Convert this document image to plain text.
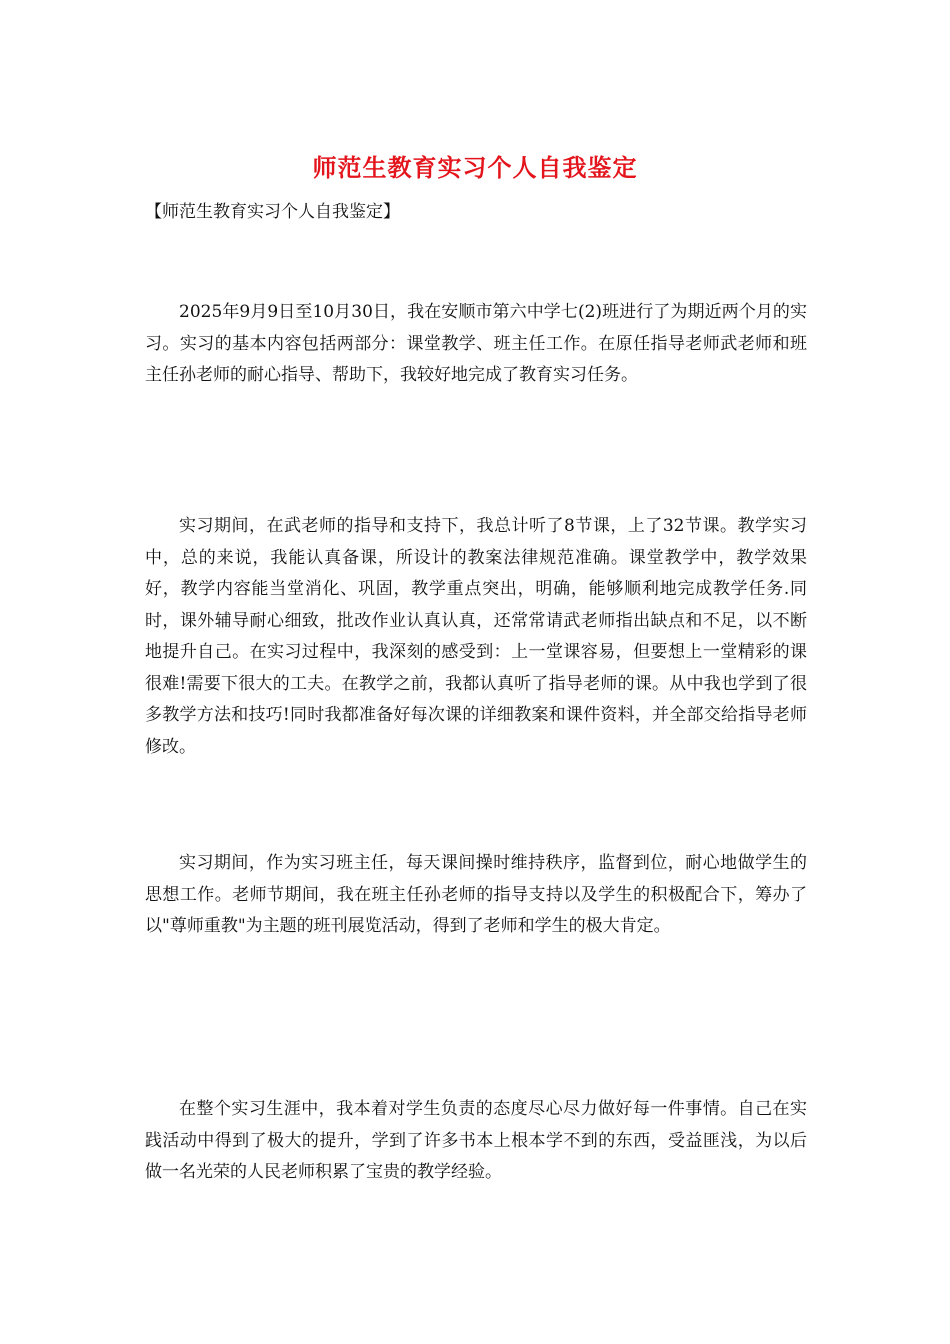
师范生教育实习个人自我鉴定
【师范生教育实习个人自我鉴定】

2025年9月9日至10月30日，我在安顺市第六中学七(2)班进行了为期近两个月的实习。实习的基本内容包括两部分：课堂教学、班主任工作。在原任指导老师武老师和班主任孙老师的耐心指导、帮助下，我较好地完成了教育实习任务。

实习期间，在武老师的指导和支持下，我总计听了8节课，上了32节课。教学实习中，总的来说，我能认真备课，所设计的教案法律规范准确。课堂教学中，教学效果好，教学内容能当堂消化、巩固，教学重点突出，明确，能够顺利地完成教学任务.同时，课外辅导耐心细致，批改作业认真认真，还常常请武老师指出缺点和不足，以不断地提升自己。在实习过程中，我深刻的感受到：上一堂课容易，但要想上一堂精彩的课很难!需要下很大的工夫。在教学之前，我都认真听了指导老师的课。从中我也学到了很多教学方法和技巧!同时我都准备好每次课的详细教案和课件资料，并全部交给指导老师修改。

实习期间，作为实习班主任，每天课间操时维持秩序，监督到位，耐心地做学生的思想工作。老师节期间，我在班主任孙老师的指导支持以及学生的积极配合下，筹办了以"尊师重教"为主题的班刊展览活动，得到了老师和学生的极大肯定。

在整个实习生涯中，我本着对学生负责的态度尽心尽力做好每一件事情。自己在实践活动中得到了极大的提升，学到了许多书本上根本学不到的东西，受益匪浅，为以后做一名光荣的人民老师积累了宝贵的教学经验。
